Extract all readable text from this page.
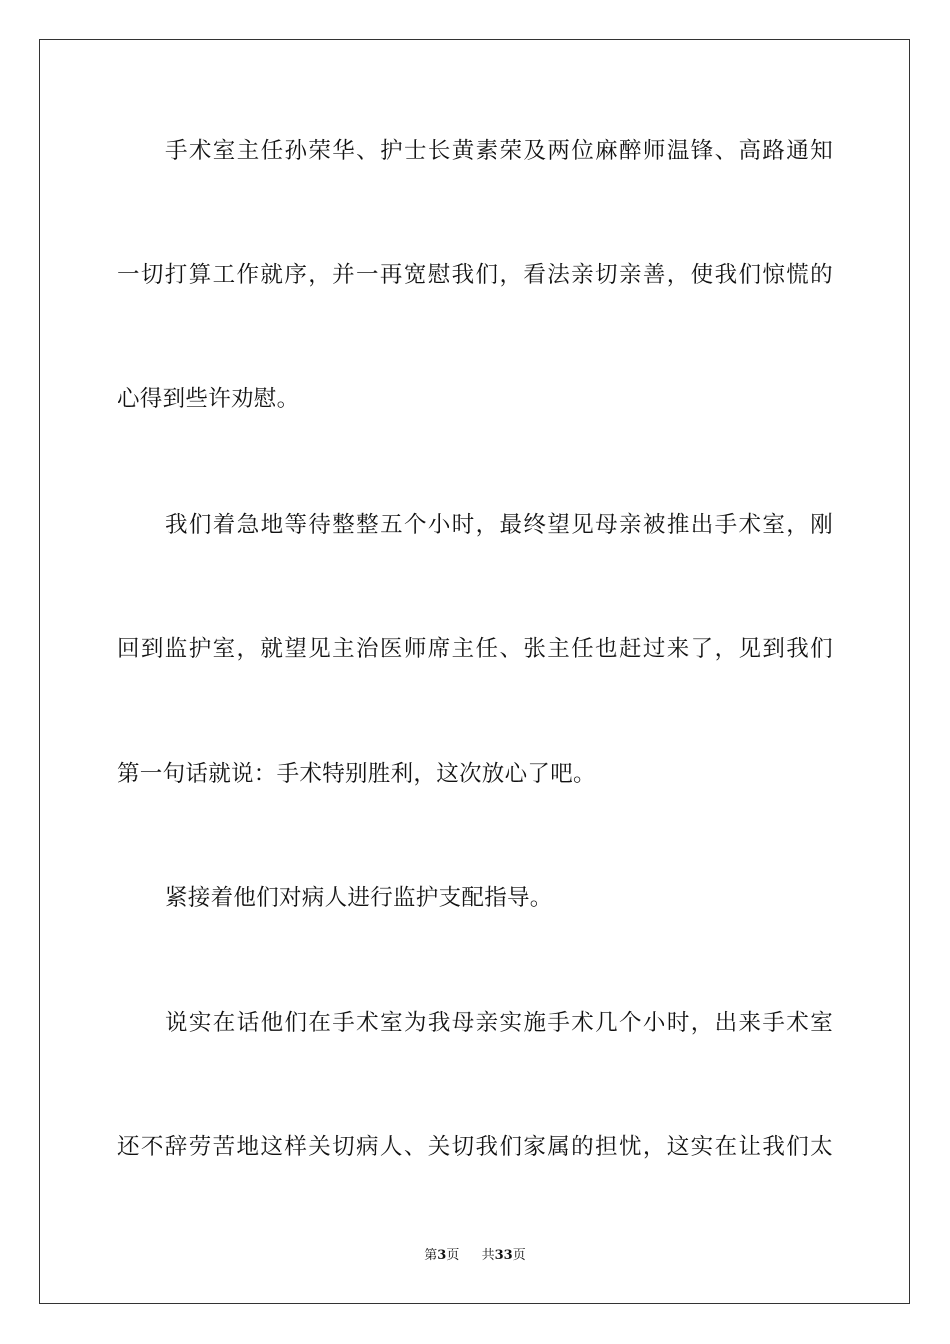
手术室主任孙荣华、护士长黄素荣及两位麻醉师温锋、高路通知
一切打算工作就序，并一再宽慰我们，看法亲切亲善，使我们惊慌的
心得到些许劝慰。
我们着急地等待整整五个小时，最终望见母亲被推出手术室，刚
回到监护室，就望见主治医师席主任、张主任也赶过来了，见到我们
第一句话就说：手术特别胜利，这次放心了吧。
紧接着他们对病人进行监护支配指导。
说实在话他们在手术室为我母亲实施手术几个小时，出来手术室
还不辞劳苦地这样关切病人、关切我们家属的担忧，这实在让我们太
第3页 共33页
